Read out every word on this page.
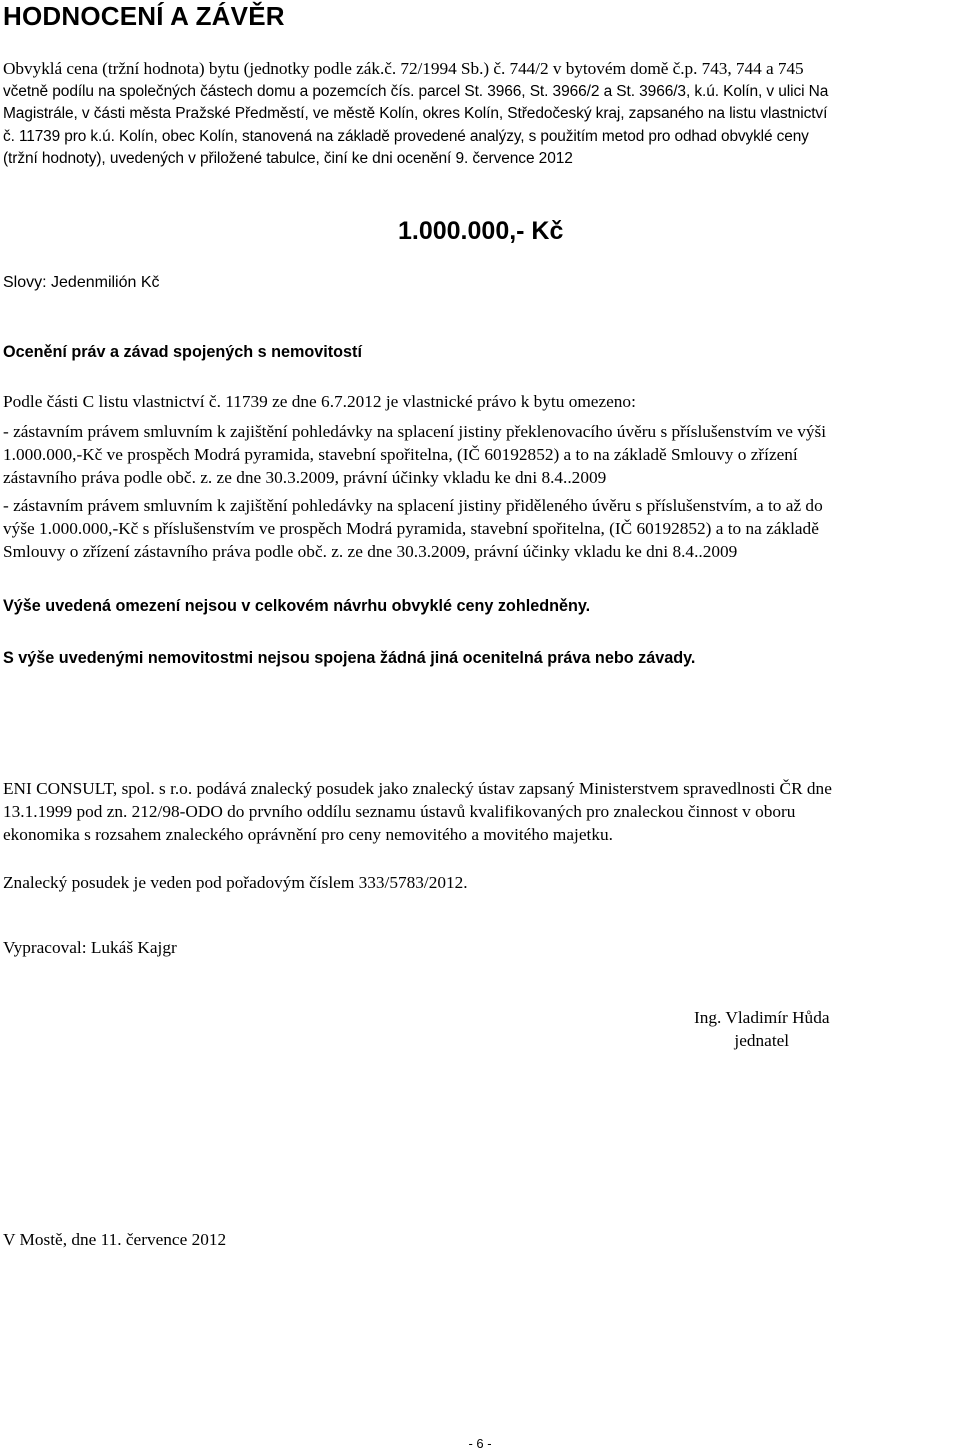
HODNOCENÍ A ZÁVĚR
Obvyklá cena (tržní hodnota) bytu (jednotky podle zák.č. 72/1994 Sb.) č. 744/2 v bytovém domě č.p. 743, 744 a 745
včetně podílu na společných částech domu a pozemcích čís. parcel St. 3966, St. 3966/2 a St. 3966/3, k.ú. Kolín, v ulici Na
Magistrále, v části města Pražské Předměstí, ve městě Kolín, okres Kolín, Středočeský kraj, zapsaného na listu vlastnictví
č. 11739 pro k.ú. Kolín, obec Kolín, stanovená na základě provedené analýzy, s použitím metod pro odhad obvyklé ceny
(tržní hodnoty), uvedených v přiložené tabulce, činí ke dni ocenění 9. července 2012
1.000.000,- Kč
Slovy: Jedenmilión Kč
Ocenění práv a závad spojených s nemovitostí
Podle části C listu vlastnictví č. 11739 ze dne 6.7.2012 je vlastnické právo k bytu omezeno:
- zástavním právem smluvním k zajištění pohledávky na splacení jistiny překlenovacího úvěru s příslušenstvím ve výši
1.000.000,-Kč ve prospěch Modrá pyramida, stavební spořitelna, (IČ 60192852) a to na základě Smlouvy o zřízení
zástavního práva podle obč. z. ze dne 30.3.2009, právní účinky vkladu ke dni 8.4..2009
- zástavním právem smluvním k zajištění pohledávky na splacení jistiny přiděleného úvěru s příslušenstvím, a to až do
výše 1.000.000,-Kč s příslušenstvím ve prospěch Modrá pyramida, stavební spořitelna, (IČ 60192852) a to na základě
Smlouvy o zřízení zástavního práva podle obč. z. ze dne 30.3.2009, právní účinky vkladu ke dni 8.4..2009
Výše uvedená omezení nejsou v celkovém návrhu obvyklé ceny zohledněny.
S výše uvedenými nemovitostmi nejsou spojena žádná jiná ocenitelná práva nebo závady.
ENI CONSULT, spol. s r.o. podává znalecký posudek jako znalecký ústav zapsaný Ministerstvem spravedlnosti ČR dne
13.1.1999 pod zn. 212/98-ODO do prvního oddílu seznamu ústavů kvalifikovaných pro znaleckou činnost v oboru
ekonomika s rozsahem znaleckého oprávnění pro ceny nemovitého a movitého majetku.
Znalecký posudek je veden pod pořadovým číslem 333/5783/2012.
Vypracoval: Lukáš Kajgr
Ing. Vladimír Hůda
jednatel
V Mostě, dne 11. července 2012
- 6 -
